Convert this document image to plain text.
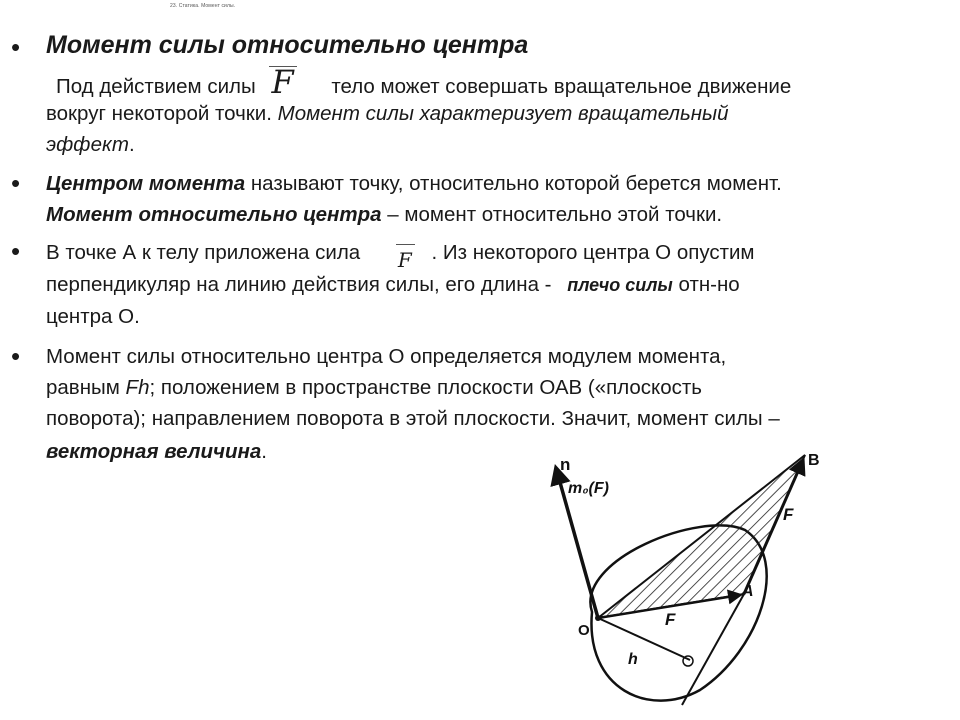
23. Статика. Момент силы.
• Момент силы относительно центра
Под действием силы F тело может совершать вращательное движение
вокруг некоторой точки. Момент силы характеризует вращательный
эффект.
• Центром момента называют точку, относительно которой берется момент.
Момент относительно центра – момент относительно этой точки.
• В точке А к телу приложена сила F . Из некоторого центра О опустим
перпендикуляр на линию действия силы, его длина - плечо силы отн-но
центра О.
• Момент силы относительно центра О определяется модулем момента,
равным Fh; положением в пространстве плоскости ОАВ («плоскость
поворота); направлением поворота в этой плоскости. Значит, момент силы –
векторная величина.
n
m₀(F)
B
F
A
F
O
h
